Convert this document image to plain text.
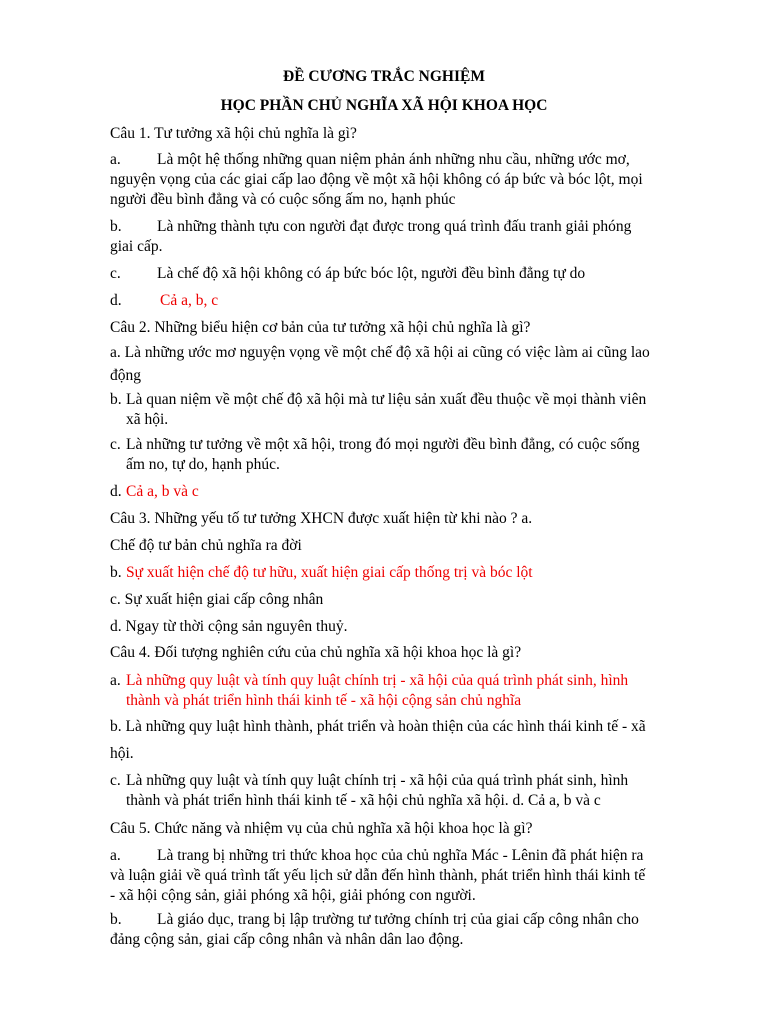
ĐỀ CƯƠNG TRẮC NGHIỆM
HỌC PHẦN CHỦ NGHĨA XÃ HỘI KHOA HỌC
Câu 1. Tư tưởng xã hội chủ nghĩa là gì?
a. Là một hệ thống những quan niệm phản ánh những nhu cầu, những ước mơ,
nguyện vọng của các giai cấp lao động về một xã hội không có áp bức và bóc lột, mọi
người đều bình đẳng và có cuộc sống ấm no, hạnh phúc
b. Là những thành tựu con người đạt được trong quá trình đấu tranh giải phóng
giai cấp.
c. Là chế độ xã hội không có áp bức bóc lột, người đều bình đẳng tự do
d. Cả a, b, c
Câu 2. Những biểu hiện cơ bản của tư tưởng xã hội chủ nghĩa là gì?
a. Là những ước mơ nguyện vọng về một chế độ xã hội ai cũng có việc làm ai cũng lao
động
b. Là quan niệm về một chế độ xã hội mà tư liệu sản xuất đều thuộc về mọi thành viên
xã hội.
c. Là những tư tưởng về một xã hội, trong đó mọi người đều bình đẳng, có cuộc sống
ấm no, tự do, hạnh phúc.
d. Cả a, b và c
Câu 3. Những yếu tố tư tưởng XHCN được xuất hiện từ khi nào ? a.
Chế độ tư bản chủ nghĩa ra đời
b. Sự xuất hiện chế độ tư hữu, xuất hiện giai cấp thống trị và bóc lột
c. Sự xuất hiện giai cấp công nhân
d. Ngay từ thời cộng sản nguyên thuỷ.
Câu 4. Đối tượng nghiên cứu của chủ nghĩa xã hội khoa học là gì?
a. Là những quy luật và tính quy luật chính trị - xã hội của quá trình phát sinh, hình
thành và phát triển hình thái kinh tế - xã hội cộng sản chủ nghĩa
b. Là những quy luật hình thành, phát triển và hoàn thiện của các hình thái kinh tế - xã
hội.
c. Là những quy luật và tính quy luật chính trị - xã hội của quá trình phát sinh, hình
thành và phát triển hình thái kinh tế - xã hội chủ nghĩa xã hội. d. Cả a, b và c
Câu 5. Chức năng và nhiệm vụ của chủ nghĩa xã hội khoa học là gì?
a. Là trang bị những tri thức khoa học của chủ nghĩa Mác - Lênin đã phát hiện ra
và luận giải về quá trình tất yếu lịch sử dẫn đến hình thành, phát triển hình thái kinh tế
- xã hội cộng sản, giải phóng xã hội, giải phóng con người.
b. Là giáo dục, trang bị lập trường tư tưởng chính trị của giai cấp công nhân cho
đảng cộng sản, giai cấp công nhân và nhân dân lao động.
